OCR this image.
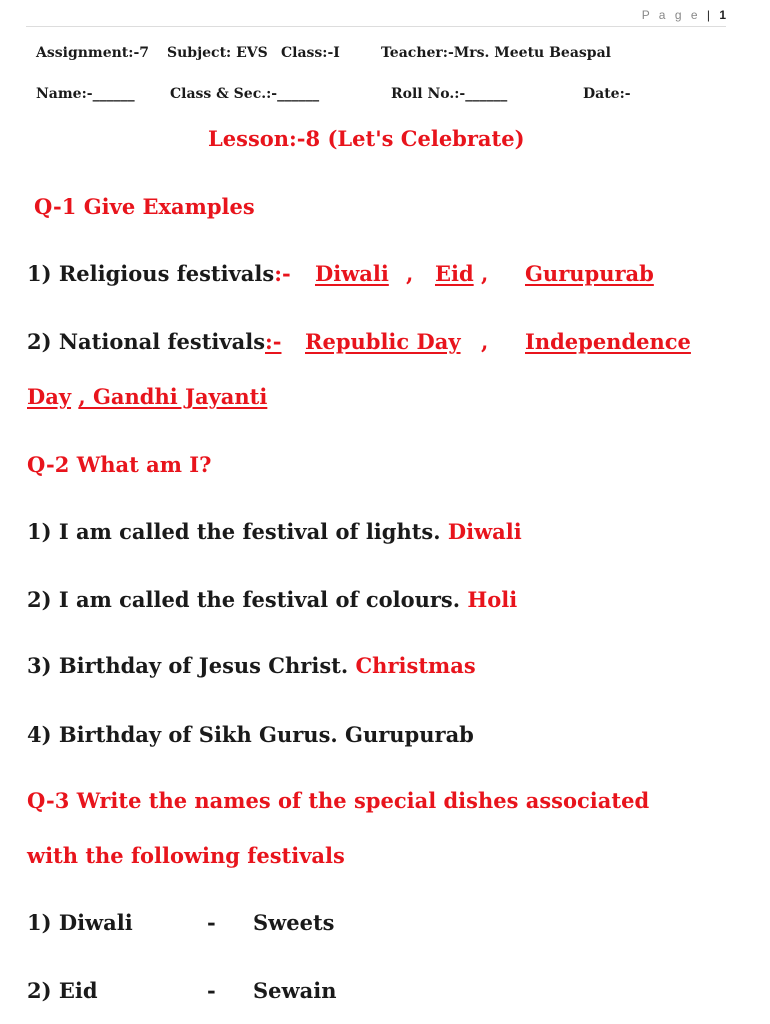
P a g e | 1
Assignment:-7 Subject: EVS Class:-I	Teacher:-Mrs. Meetu Beaspal
Name:-______	Class & Sec.:-______	Roll No.:-______	Date:-
Lesson:-8 (Let's Celebrate)
Q-1 Give Examples
1) Religious festivals:- Diwali , Eid , Gurupurab
2) National festivals:- Republic Day , Independence
Day , Gandhi Jayanti
Q-2 What am I?
1) I am called the festival of lights. Diwali
2) I am called the festival of colours. Holi
3) Birthday of Jesus Christ. Christmas
4) Birthday of Sikh Gurus. Gurupurab
Q-3 Write the names of the special dishes associated
with the following festivals
1) Diwali	- Sweets
2) Eid	- Sewain
